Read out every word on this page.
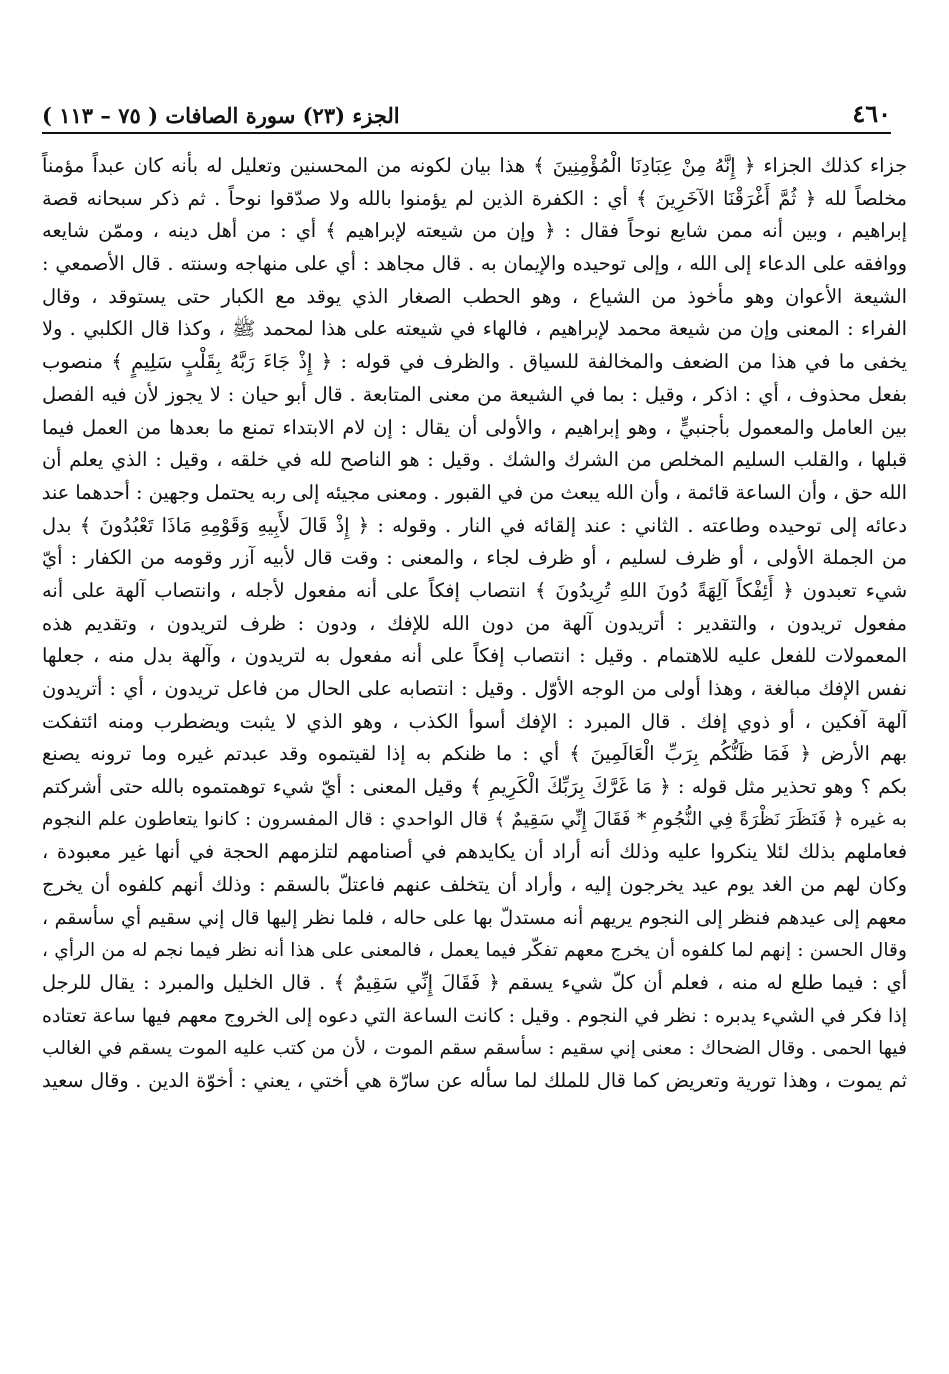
٤٦٠
الجزء (٢٣) سورة الصافات ( ٧٥ – ١١٣ )
جزاء كذلك الجزاء ﴿ إِنَّهُ مِنْ عِبَادِنَا الْمُؤْمِنِينَ ﴾ هذا بيان لكونه من المحسنين وتعليل له بأنه كان عبداً مؤمناً
مخلصاً لله ﴿ ثُمَّ أَغْرَقْنَا الآخَرِينَ ﴾ أي : الكفرة الذين لم يؤمنوا بالله ولا صدّقوا نوحاً . ثم ذكر سبحانه قصة
إبراهيم ، وبين أنه ممن شايع نوحاً فقال : ﴿ وإن من شيعته لإبراهيم ﴾ أي : من أهل دينه ، وممّن شايعه
ووافقه على الدعاء إلى الله ، وإلى توحيده والإيمان به . قال مجاهد : أي على منهاجه وسنته . قال الأصمعي :
الشيعة الأعوان وهو مأخوذ من الشياع ، وهو الحطب الصغار الذي يوقد مع الكبار حتى يستوقد ، وقال
الفراء : المعنى وإن من شيعة محمد لإبراهيم ، فالهاء في شيعته على هذا لمحمد ﷺ ، وكذا قال الكلبي . ولا
يخفى ما في هذا من الضعف والمخالفة للسياق . والظرف في قوله : ﴿ إِذْ جَاءَ رَبَّهُ بِقَلْبٍ سَلِيمٍ ﴾ منصوب
بفعل محذوف ، أي : اذكر ، وقيل : بما في الشيعة من معنى المتابعة . قال أبو حيان : لا يجوز لأن فيه الفصل
بين العامل والمعمول بأجنبيٍّ ، وهو إبراهيم ، والأولى أن يقال : إن لام الابتداء تمنع ما بعدها من العمل فيما
قبلها ، والقلب السليم المخلص من الشرك والشك . وقيل : هو الناصح لله في خلقه ، وقيل : الذي يعلم أن
الله حق ، وأن الساعة قائمة ، وأن الله يبعث من في القبور . ومعنى مجيئه إلى ربه يحتمل وجهين : أحدهما عند
دعائه إلى توحيده وطاعته . الثاني : عند إلقائه في النار . وقوله : ﴿ إِذْ قَالَ لأَبِيهِ وَقَوْمِهِ مَاذَا تَعْبُدُونَ ﴾ بدل
من الجملة الأولى ، أو ظرف لسليم ، أو ظرف لجاء ، والمعنى : وقت قال لأبيه آزر وقومه من الكفار : أيّ
شيء تعبدون ﴿ أَئِفْكاً آلِهَةً دُونَ اللهِ تُرِيدُونَ ﴾ انتصاب إفكاً على أنه مفعول لأجله ، وانتصاب آلهة على أنه
مفعول تريدون ، والتقدير : أتريدون آلهة من دون الله للإفك ، ودون : ظرف لتريدون ، وتقديم هذه
المعمولات للفعل عليه للاهتمام . وقيل : انتصاب إفكاً على أنه مفعول به لتريدون ، وآلهة بدل منه ، جعلها
نفس الإفك مبالغة ، وهذا أولى من الوجه الأوّل . وقيل : انتصابه على الحال من فاعل تريدون ، أي : أتريدون
آلهة آفكين ، أو ذوي إفك . قال المبرد : الإفك أسوأ الكذب ، وهو الذي لا يثبت ويضطرب ومنه ائتفكت
بهم الأرض ﴿ فَمَا ظَنُّكُم بِرَبِّ الْعَالَمِينَ ﴾ أي : ما ظنكم به إذا لقيتموه وقد عبدتم غيره وما ترونه يصنع
بكم ؟ وهو تحذير مثل قوله : ﴿ مَا غَرَّكَ بِرَبِّكَ الْكَرِيمِ ﴾ وقيل المعنى : أيّ شيء توهمتموه بالله حتى أشركتم
به غيره ﴿ فَنَظَرَ نَظْرَةً فِي النُّجُومِ * فَقَالَ إِنِّي سَقِيمٌ ﴾ قال الواحدي : قال المفسرون : كانوا يتعاطون علم النجوم
فعاملهم بذلك لئلا ينكروا عليه وذلك أنه أراد أن يكايدهم في أصنامهم لتلزمهم الحجة في أنها غير معبودة ،
وكان لهم من الغد يوم عيد يخرجون إليه ، وأراد أن يتخلف عنهم فاعتلّ بالسقم : وذلك أنهم كلفوه أن يخرج
معهم إلى عيدهم فنظر إلى النجوم يريهم أنه مستدلّ بها على حاله ، فلما نظر إليها قال إني سقيم أي سأسقم ،
وقال الحسن : إنهم لما كلفوه أن يخرج معهم تفكّر فيما يعمل ، فالمعنى على هذا أنه نظر فيما نجم له من الرأي ،
أي : فيما طلع له منه ، فعلم أن كلّ شيء يسقم ﴿ فَقَالَ إِنِّي سَقِيمٌ ﴾ . قال الخليل والمبرد : يقال للرجل
إذا فكر في الشيء يدبره : نظر في النجوم . وقيل : كانت الساعة التي دعوه إلى الخروج معهم فيها ساعة تعتاده
فيها الحمى . وقال الضحاك : معنى إني سقيم : سأسقم سقم الموت ، لأن من كتب عليه الموت يسقم في الغالب
ثم يموت ، وهذا تورية وتعريض كما قال للملك لما سأله عن سارّة هي أختي ، يعني : أخوّة الدين . وقال سعيد
